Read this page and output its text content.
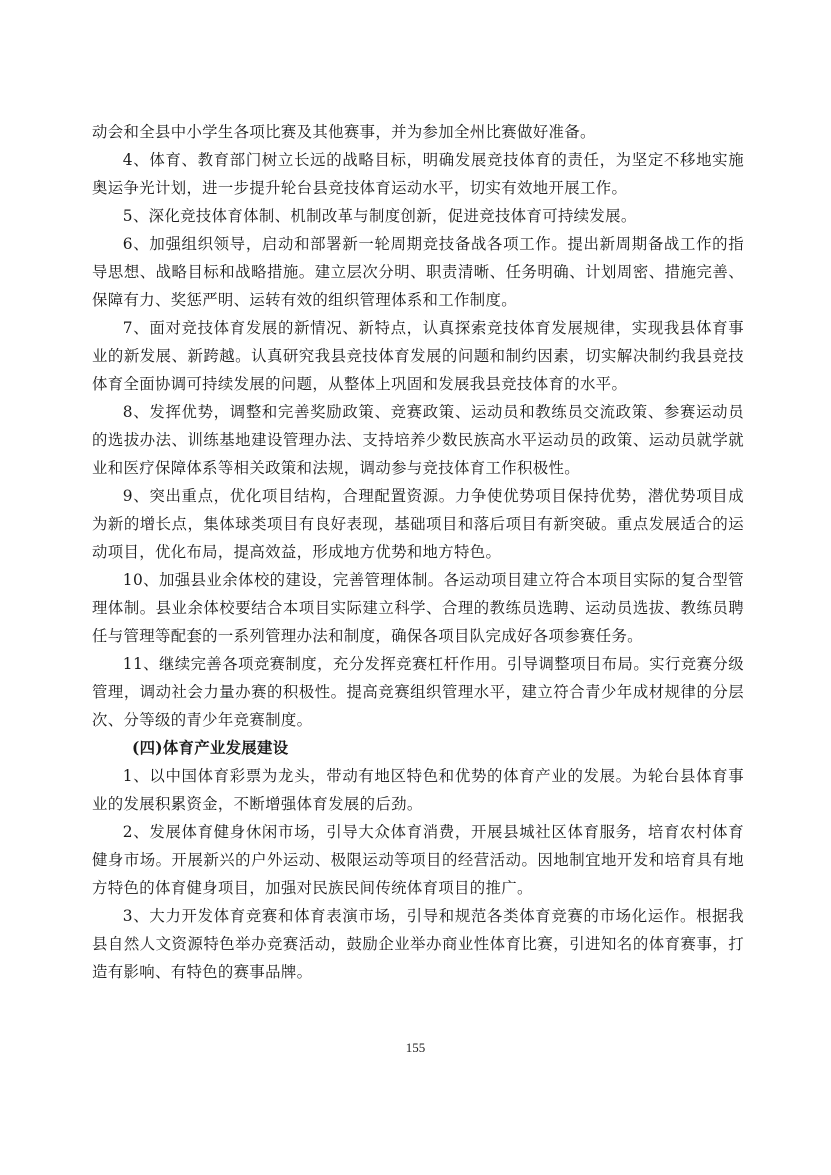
动会和全县中小学生各项比赛及其他赛事，并为参加全州比赛做好准备。

4、体育、教育部门树立长远的战略目标，明确发展竞技体育的责任，为坚定不移地实施奥运争光计划，进一步提升轮台县竞技体育运动水平，切实有效地开展工作。

5、深化竞技体育体制、机制改革与制度创新，促进竞技体育可持续发展。

6、加强组织领导，启动和部署新一轮周期竞技备战各项工作。提出新周期备战工作的指导思想、战略目标和战略措施。建立层次分明、职责清晰、任务明确、计划周密、措施完善、保障有力、奖惩严明、运转有效的组织管理体系和工作制度。

7、面对竞技体育发展的新情况、新特点，认真探索竞技体育发展规律，实现我县体育事业的新发展、新跨越。认真研究我县竞技体育发展的问题和制约因素，切实解决制约我县竞技体育全面协调可持续发展的问题，从整体上巩固和发展我县竞技体育的水平。

8、发挥优势，调整和完善奖励政策、竞赛政策、运动员和教练员交流政策、参赛运动员的选拔办法、训练基地建设管理办法、支持培养少数民族高水平运动员的政策、运动员就学就业和医疗保障体系等相关政策和法规，调动参与竞技体育工作积极性。

9、突出重点，优化项目结构，合理配置资源。力争使优势项目保持优势，潜优势项目成为新的增长点，集体球类项目有良好表现，基础项目和落后项目有新突破。重点发展适合的运动项目，优化布局，提高效益，形成地方优势和地方特色。

10、加强县业余体校的建设，完善管理体制。各运动项目建立符合本项目实际的复合型管理体制。县业余体校要结合本项目实际建立科学、合理的教练员选聘、运动员选拔、教练员聘任与管理等配套的一系列管理办法和制度，确保各项目队完成好各项参赛任务。

11、继续完善各项竞赛制度，充分发挥竞赛杠杆作用。引导调整项目布局。实行竞赛分级管理，调动社会力量办赛的积极性。提高竞赛组织管理水平，建立符合青少年成材规律的分层次、分等级的青少年竞赛制度。

(四)体育产业发展建设

1、以中国体育彩票为龙头，带动有地区特色和优势的体育产业的发展。为轮台县体育事业的发展积累资金，不断增强体育发展的后劲。

2、发展体育健身休闲市场，引导大众体育消费，开展县城社区体育服务，培育农村体育健身市场。开展新兴的户外运动、极限运动等项目的经营活动。因地制宜地开发和培育具有地方特色的体育健身项目，加强对民族民间传统体育项目的推广。

3、大力开发体育竞赛和体育表演市场，引导和规范各类体育竞赛的市场化运作。根据我县自然人文资源特色举办竞赛活动，鼓励企业举办商业性体育比赛，引进知名的体育赛事，打造有影响、有特色的赛事品牌。

155
